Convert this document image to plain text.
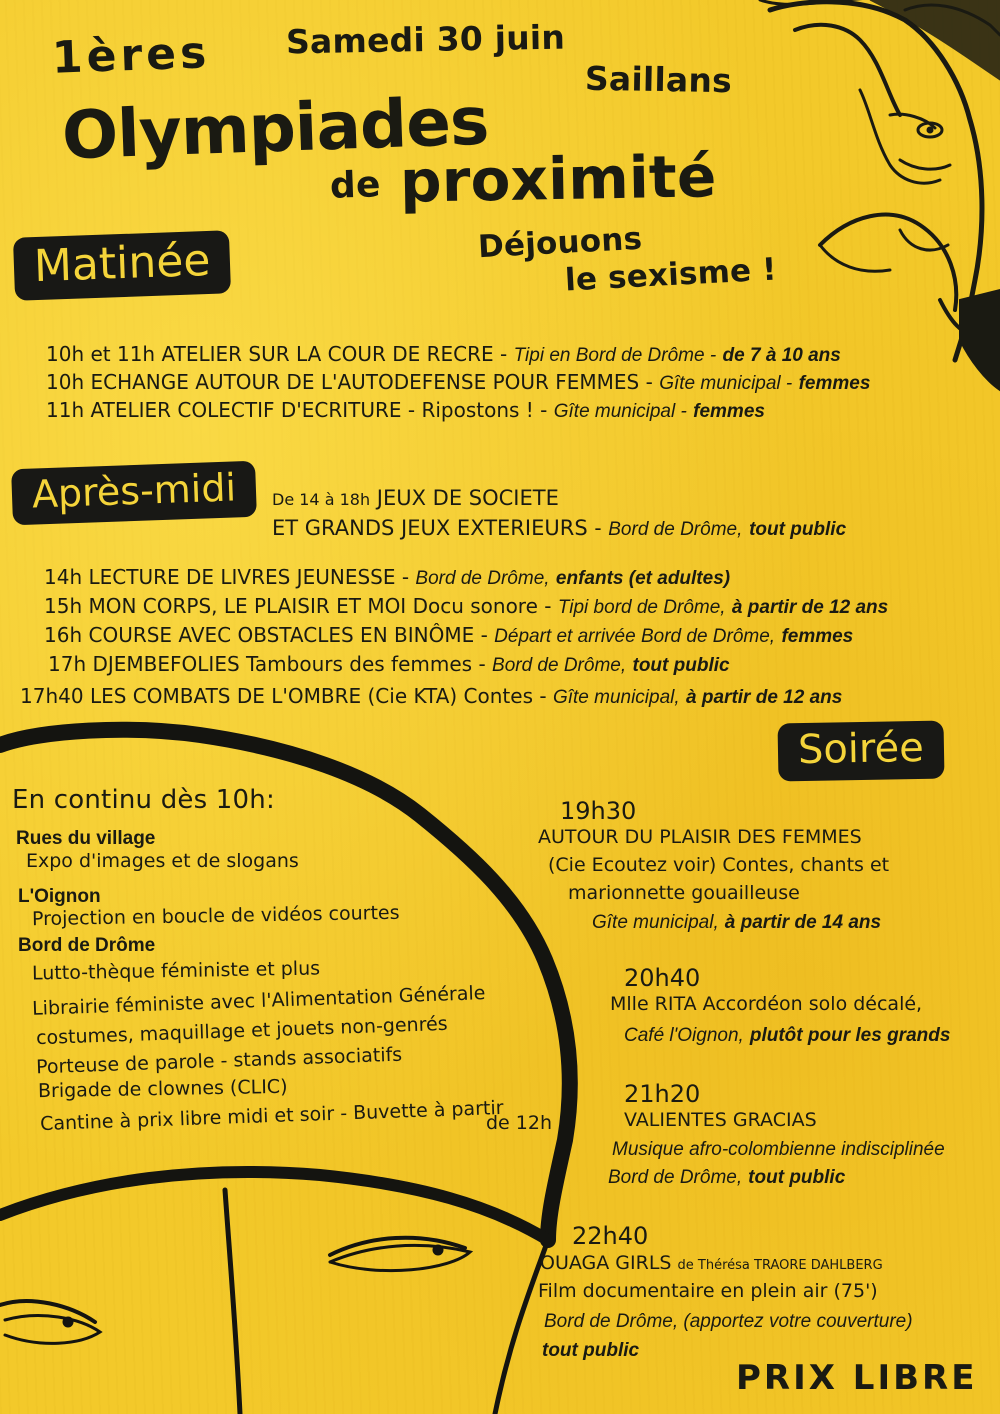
1ères Samedi 30 juin
Saillans
Olympiades
de proximité
Déjouons
le sexisme !
Matinée
10h et 11h ATELIER SUR LA COUR DE RECRE - Tipi en Bord de Drôme - de 7 à 10 ans
10h ECHANGE AUTOUR DE L'AUTODEFENSE POUR FEMMES - Gîte municipal - femmes
11h ATELIER COLECTIF D'ECRITURE - Ripostons ! - Gîte municipal - femmes
Après-midi	De 14 à 18h JEUX DE SOCIETE
ET GRANDS JEUX EXTERIEURS - Bord de Drôme, tout public
14h LECTURE DE LIVRES JEUNESSE - Bord de Drôme, enfants (et adultes)
15h MON CORPS, LE PLAISIR ET MOI Docu sonore - Tipi bord de Drôme, à partir de 12 ans
16h COURSE AVEC OBSTACLES EN BINÔME - Départ et arrivée Bord de Drôme, femmes
17h DJEMBEFOLIES Tambours des femmes - Bord de Drôme, tout public
17h40 LES COMBATS DE L'OMBRE (Cie KTA) Contes - Gîte municipal, à partir de 12 ans
Soirée
En continu dès 10h:
Rues du village
Expo d'images et de slogans
L'Oignon
Projection en boucle de vidéos courtes
Bord de Drôme
Lutto-thèque féministe et plus
Librairie féministe avec l'Alimentation Générale
costumes, maquillage et jouets non-genrés
Porteuse de parole - stands associatifs
Brigade de clownes (CLIC)
Cantine à prix libre midi et soir - Buvette à partir
de 12h
19h30
AUTOUR DU PLAISIR DES FEMMES
(Cie Ecoutez voir) Contes, chants et
marionnette gouailleuse
Gîte municipal, à partir de 14 ans
20h40
Mlle RITA Accordéon solo décalé,
Café l'Oignon, plutôt pour les grands
21h20
VALIENTES GRACIAS
Musique afro-colombienne indisciplinée
Bord de Drôme, tout public
22h40
OUAGA GIRLS de Thérésa TRAORE DAHLBERG
Film documentaire en plein air (75')
Bord de Drôme, (apportez votre couverture)
tout public
PRIX LIBRE
